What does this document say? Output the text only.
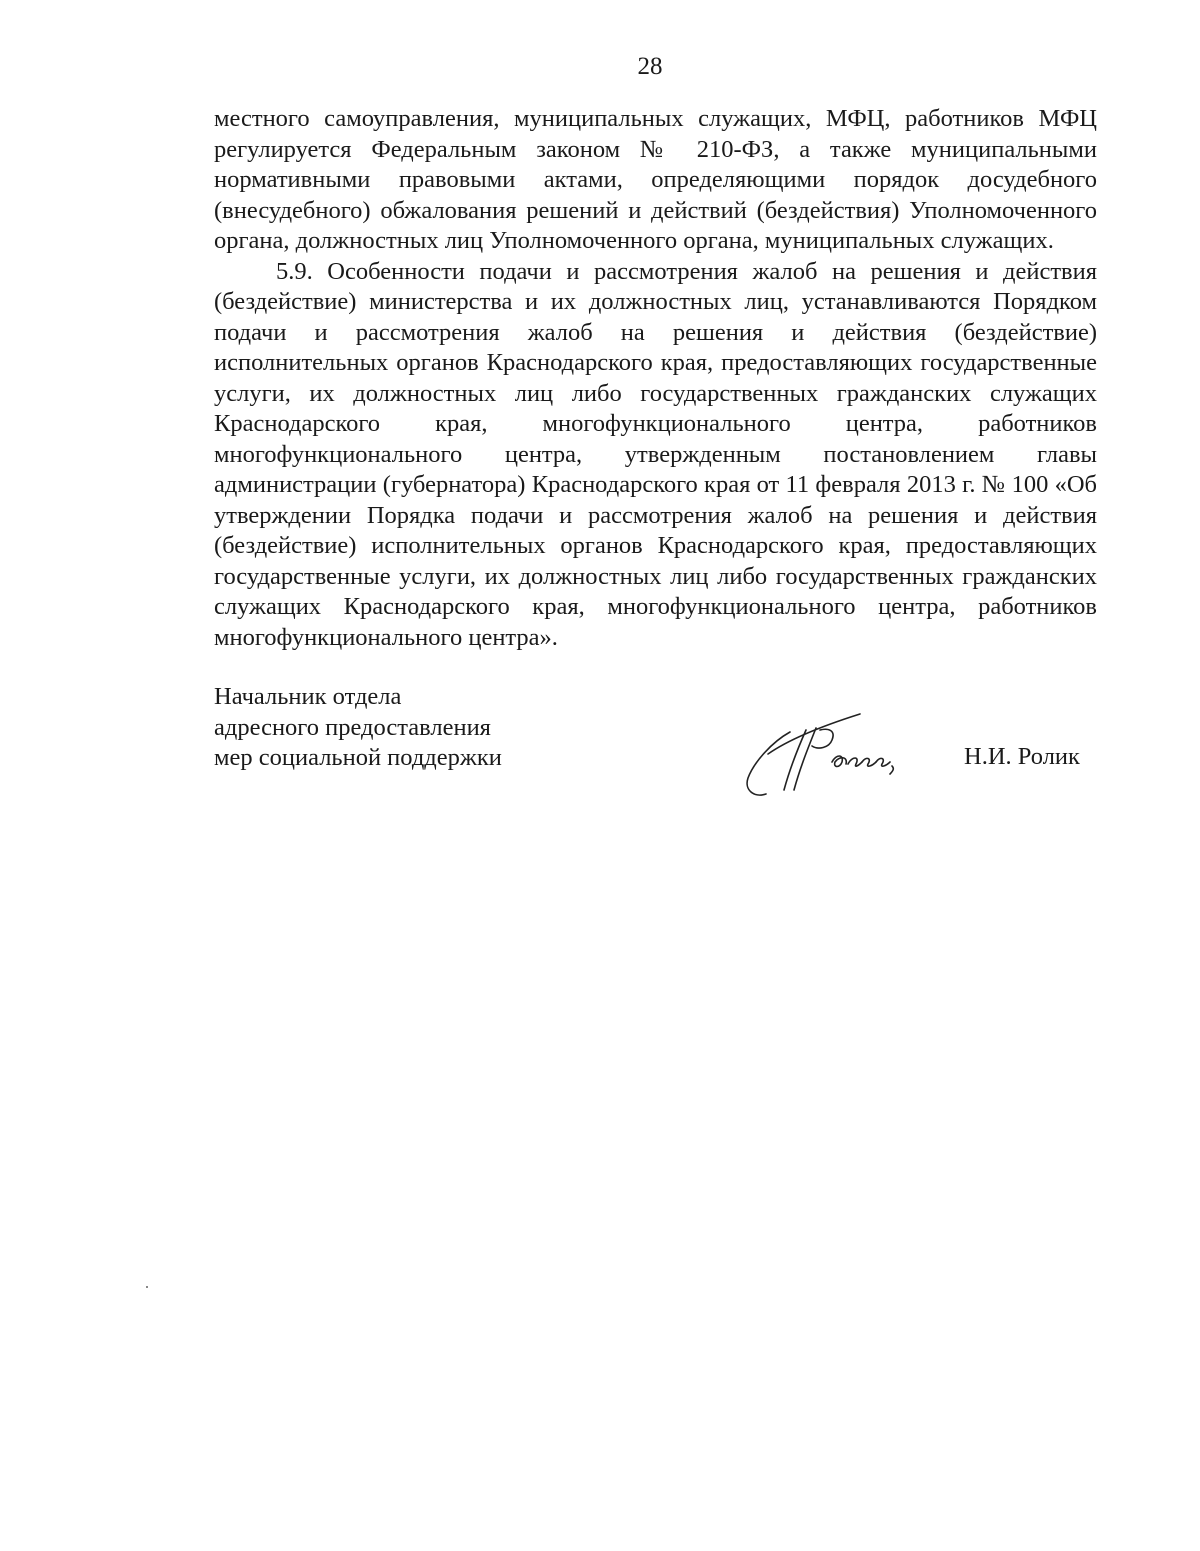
28

местного самоуправления, муниципальных служащих, МФЦ, работников МФЦ регулируется Федеральным законом № 210-ФЗ, а также муниципальными нормативными правовыми актами, определяющими порядок досудебного (внесудебного) обжалования решений и действий (бездействия) Уполномоченного органа, должностных лиц Уполномоченного органа, муниципальных служащих.

5.9. Особенности подачи и рассмотрения жалоб на решения и действия (бездействие) министерства и их должностных лиц, устанавливаются Порядком подачи и рассмотрения жалоб на решения и действия (бездействие) исполнительных органов Краснодарского края, предоставляющих государственные услуги, их должностных лиц либо государственных гражданских служащих Краснодарского края, многофункционального центра, работников многофункционального центра, утвержденным постановлением главы администрации (губернатора) Краснодарского края от 11 февраля 2013 г. № 100 «Об утверждении Порядка подачи и рассмотрения жалоб на решения и действия (бездействие) исполнительных органов Краснодарского края, предоставляющих государственные услуги, их должностных лиц либо государственных гражданских служащих Краснодарского края, многофункционального центра, работников многофункционального центра».

Начальник отдела
адресного предоставления
мер социальной поддержки	Н.И. Ролик
